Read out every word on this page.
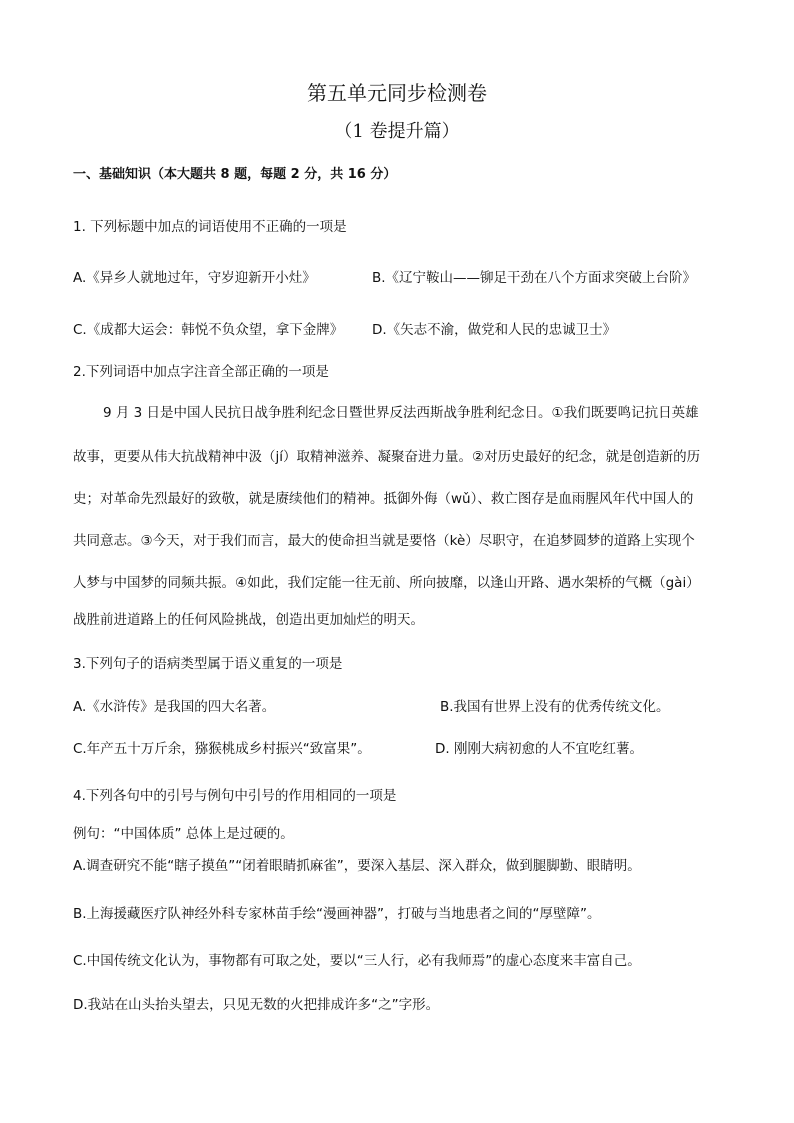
第五单元同步检测卷
（1 卷提升篇）
一、基础知识（本大题共 8 题，每题 2 分，共 16 分）
1. 下列标题中加点的词语使用不正确的一项是
A.《异乡人就地过年，守岁迎新开小灶》	B.《辽宁鞍山——铆足干劲在八个方面求突破上台阶》
C.《成都大运会：韩悦不负众望，拿下金牌》 D.《矢志不渝，做党和人民的忠诚卫士》
2.下列词语中加点字注音全部正确的一项是
9 月 3 日是中国人民抗日战争胜利纪念日暨世界反法西斯战争胜利纪念日。①我们既要鸣记抗日英雄
故事，更要从伟大抗战精神中汲（jí）取精神滋养、凝聚奋进力量。②对历史最好的纪念，就是创造新的历
史；对革命先烈最好的致敬，就是赓续他们的精神。抵御外侮（wǔ）、救亡图存是血雨腥风年代中国人的
共同意志。③今天，对于我们而言，最大的使命担当就是要恪（kè）尽职守，在追梦圆梦的道路上实现个
人梦与中国梦的同频共振。④如此，我们定能一往无前、所向披靡，以逢山开路、遇水架桥的气概（gài）
战胜前进道路上的任何风险挑战，创造出更加灿烂的明天。
3.下列句子的语病类型属于语义重复的一项是
A.《水浒传》是我国的四大名著。	B.我国有世界上没有的优秀传统文化。
C.年产五十万斤余，猕猴桃成乡村振兴“致富果”。	D. 刚刚大病初愈的人不宜吃红薯。
4.下列各句中的引号与例句中引号的作用相同的一项是
例句：“中国体质” 总体上是过硬的。
A.调查研究不能“瞎子摸鱼”“闭着眼睛抓麻雀”，要深入基层、深入群众，做到腿脚勤、眼睛明。
B.上海援藏医疗队神经外科专家林苗手绘“漫画神器”，打破与当地患者之间的“厚壁障”。
C.中国传统文化认为，事物都有可取之处，要以“三人行，必有我师焉”的虚心态度来丰富自己。
D.我站在山头抬头望去，只见无数的火把排成许多“之”字形。
